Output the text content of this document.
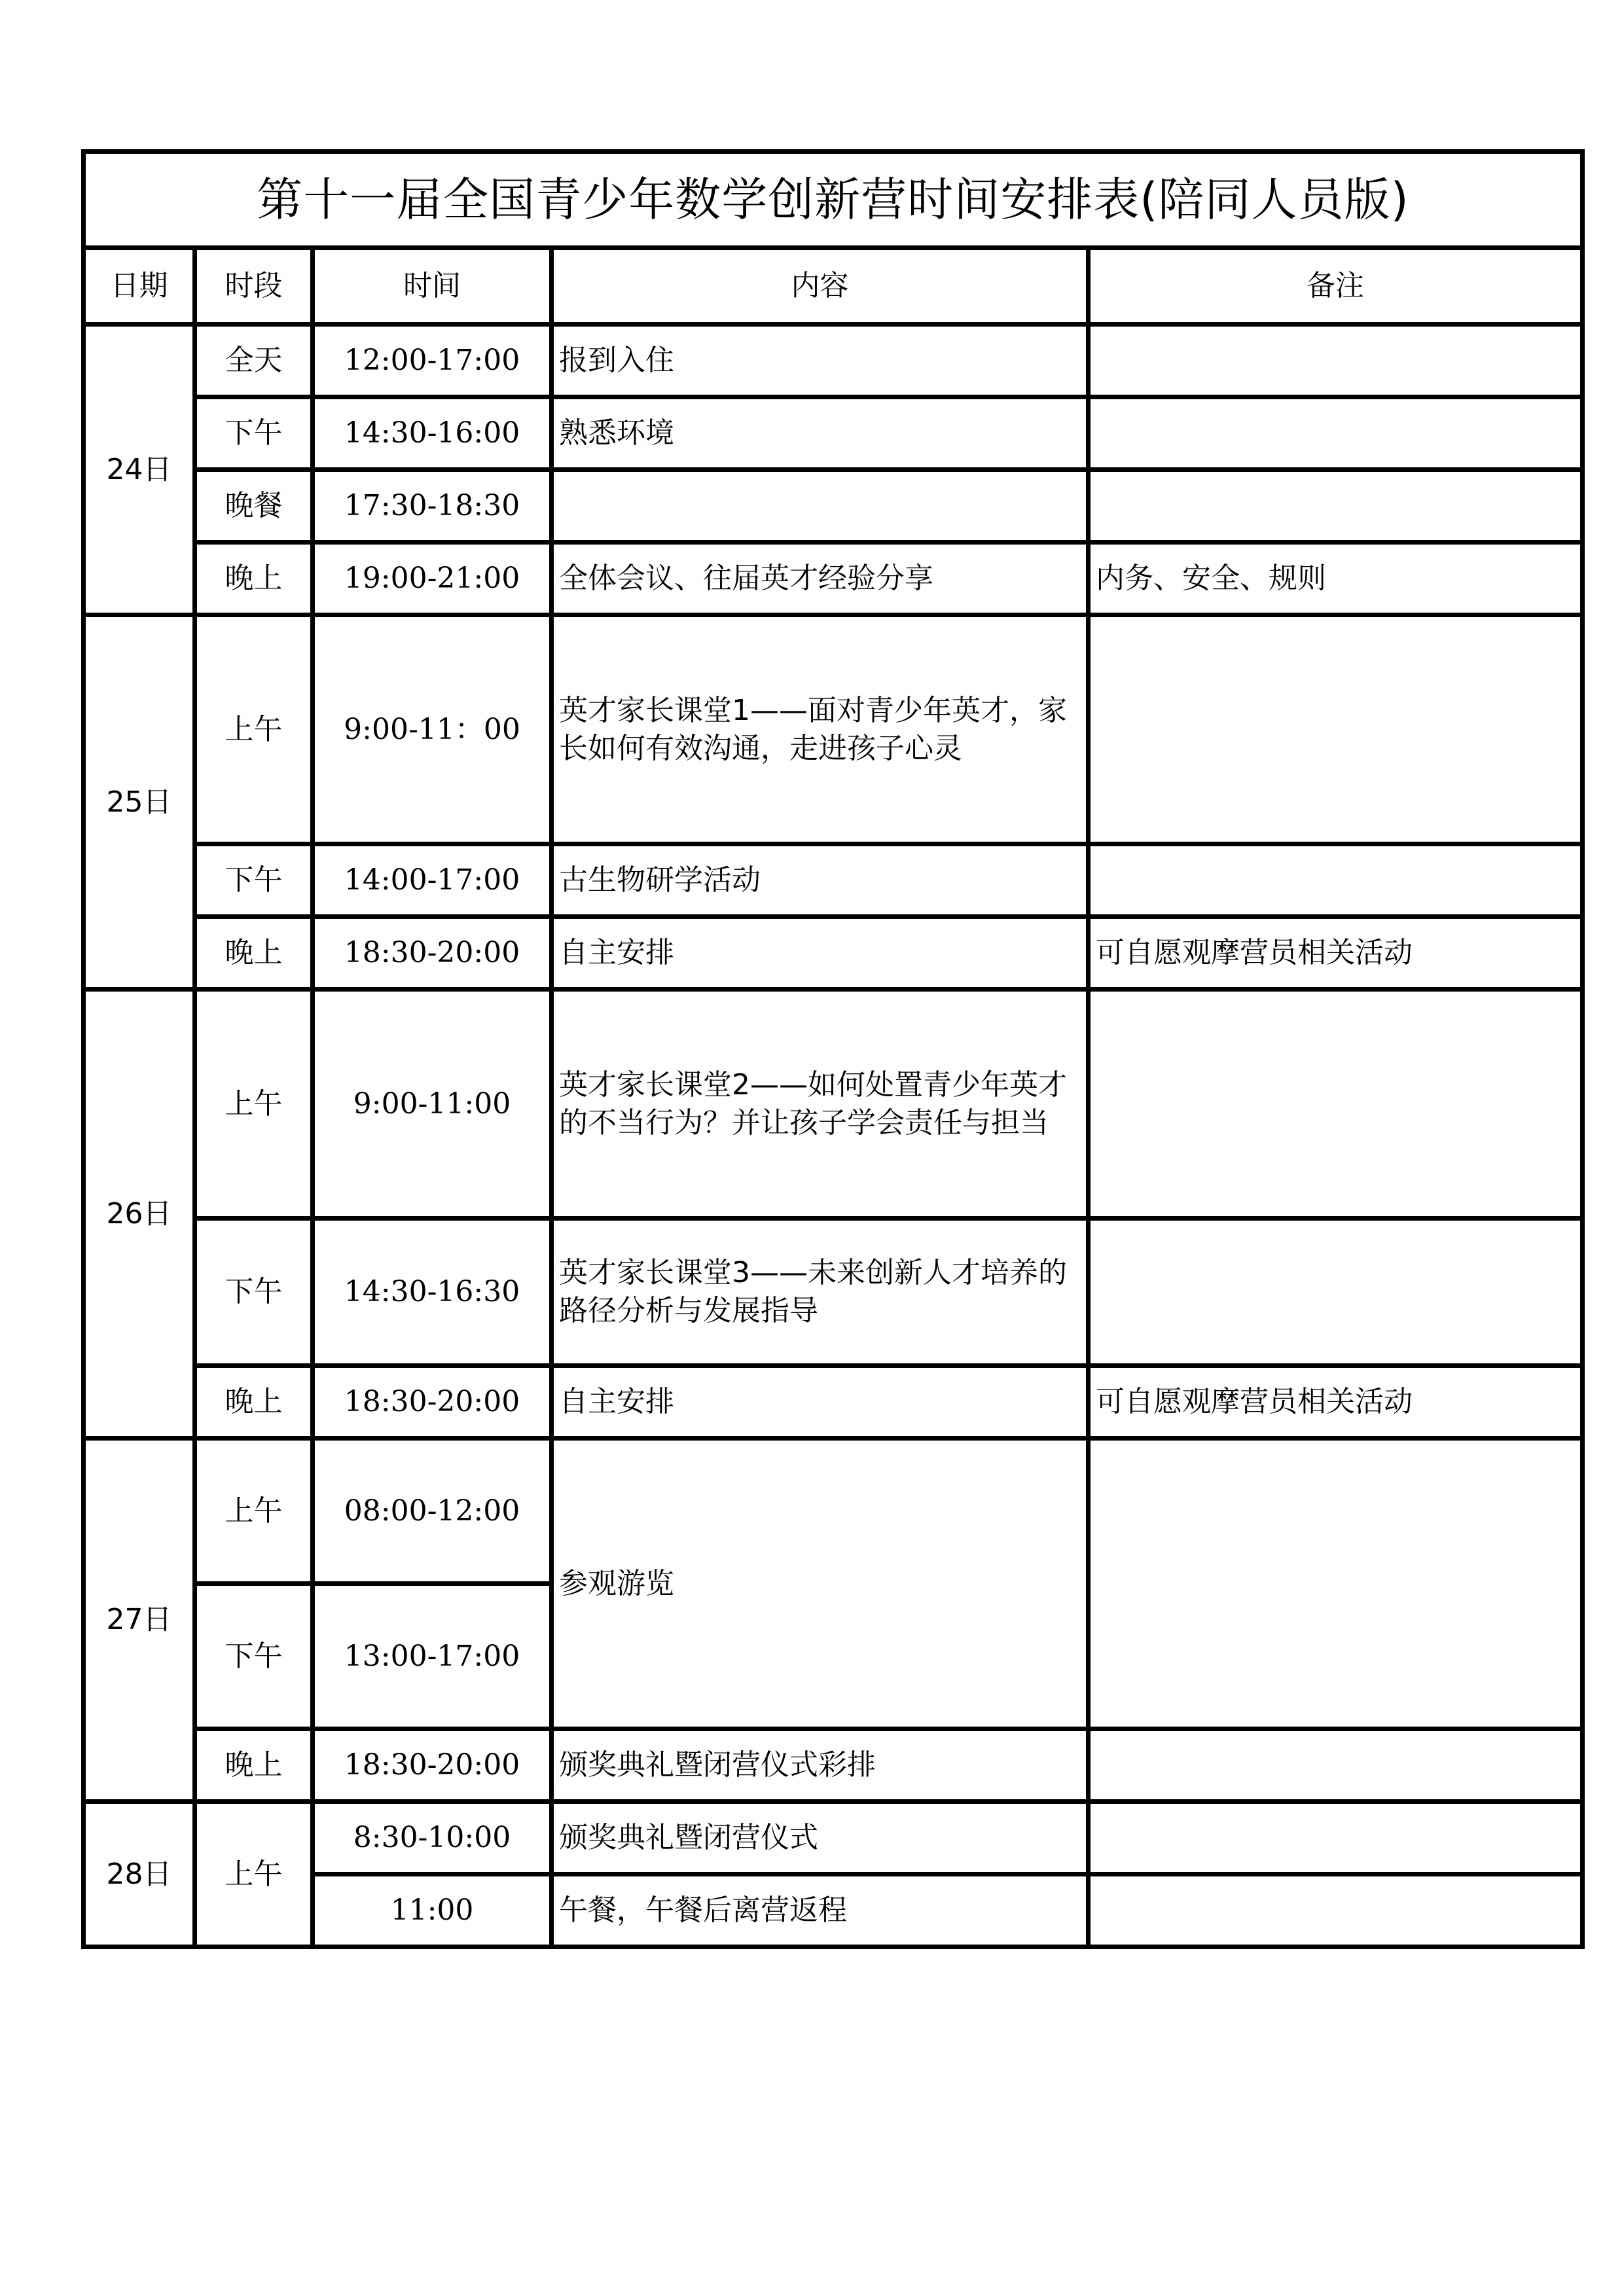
第十一届全国青少年数学创新营时间安排表(陪同人员版)				
日期	时段	时间	内容	备注
24日	全天	12:00-17:00	报到入住	
	下午	14:30-16:00	熟悉环境	
	晚餐	17:30-18:30		
	晚上	19:00-21:00	全体会议、往届英才经验分享	内务、安全、规则
25日	上午	9:00-11：00	英才家长课堂1——面对青少年英才，家长如何有效沟通，走进孩子心灵	
	下午	14:00-17:00	古生物研学活动	
	晚上	18:30-20:00	自主安排	可自愿观摩营员相关活动
26日	上午	9:00-11:00	英才家长课堂2——如何处置青少年英才的不当行为？并让孩子学会责任与担当	
	下午	14:30-16:30	英才家长课堂3——未来创新人才培养的路径分析与发展指导	
	晚上	18:30-20:00	自主安排	可自愿观摩营员相关活动
27日	上午	08:00-12:00	参观游览	
	下午	13:00-17:00		
	晚上	18:30-20:00	颁奖典礼暨闭营仪式彩排	
28日	上午	8:30-10:00	颁奖典礼暨闭营仪式	
		11:00	午餐，午餐后离营返程	
